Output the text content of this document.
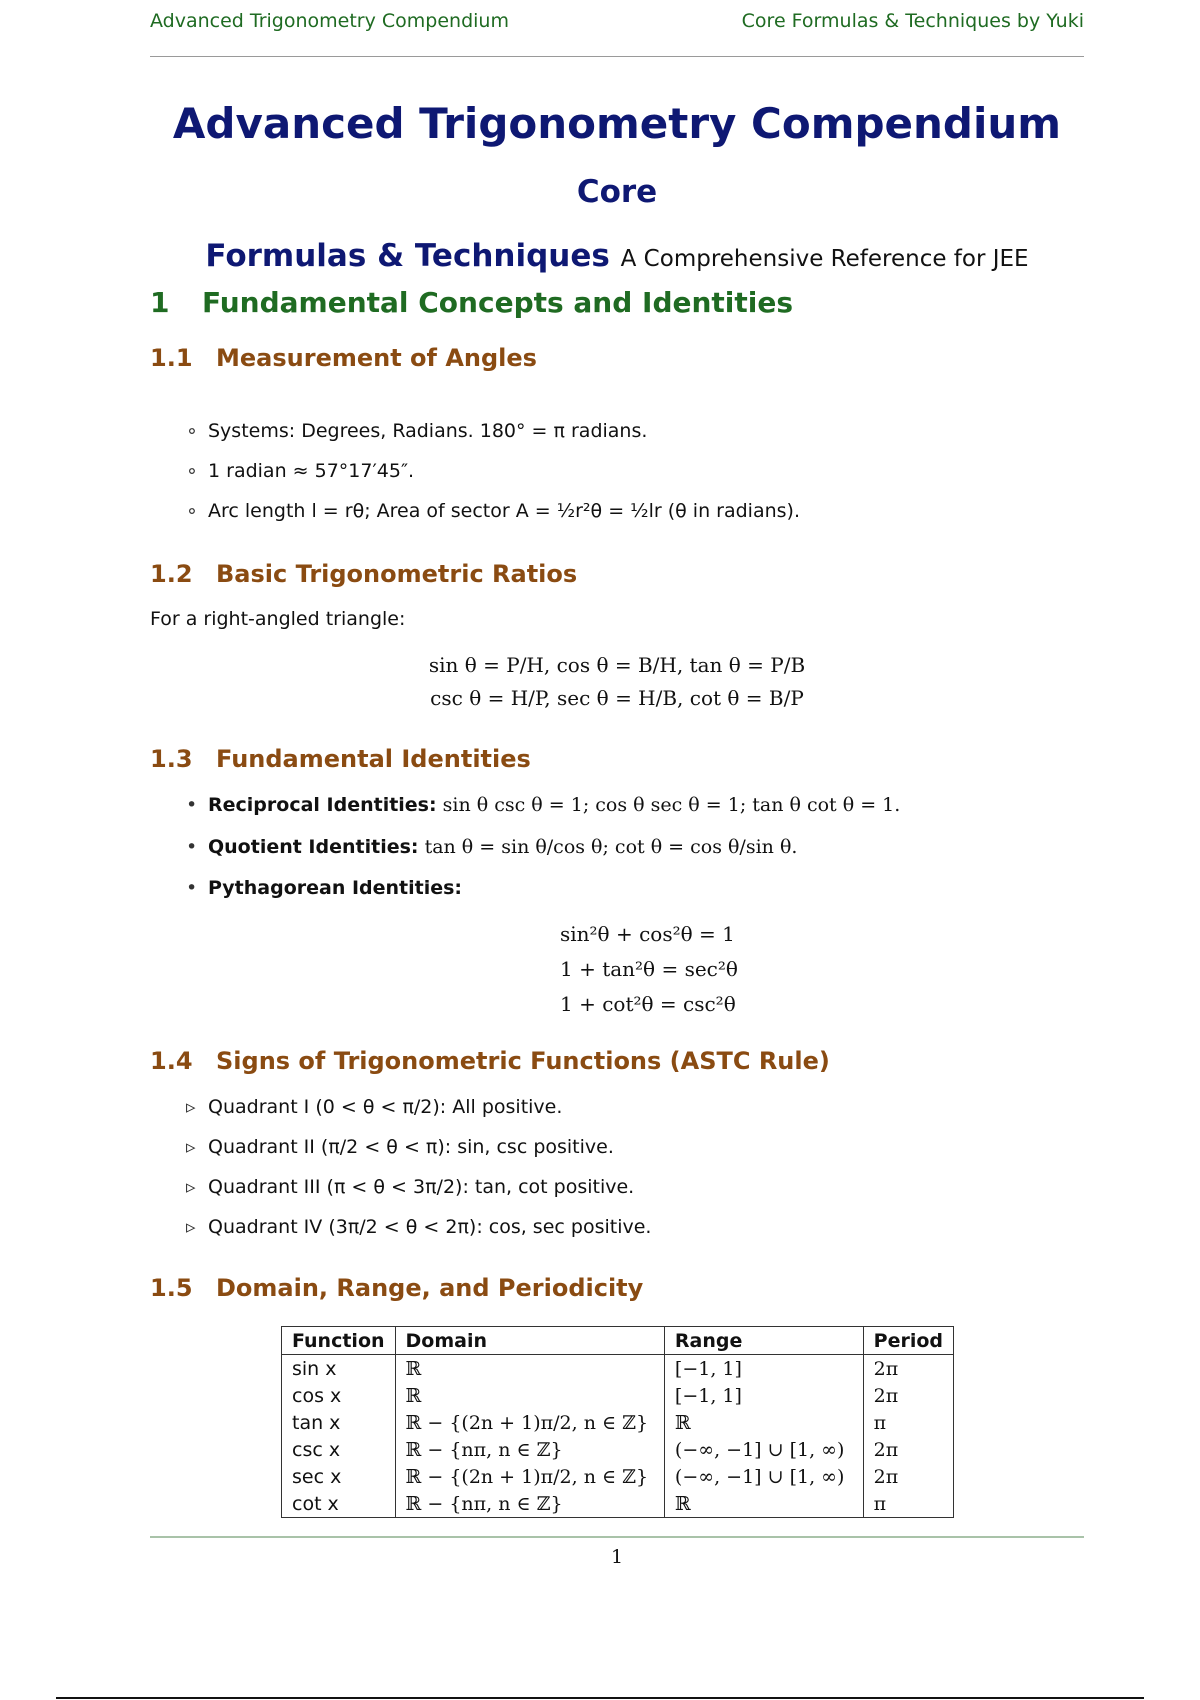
Advanced Trigonometry Compendium	Core Formulas & Techniques by Yuki
Advanced Trigonometry Compendium Core
Formulas & Techniques A Comprehensive Reference for JEE
1 Fundamental Concepts and Identities
1.1 Measurement of Angles
∘ Systems: Degrees, Radians. 180° = π radians.
∘ 1 radian ≈ 57°17′45″.
∘ Arc length l = rθ; Area of sector A = ½r²θ = ½lr (θ in radians).
1.2 Basic Trigonometric Ratios
For a right-angled triangle:
sin θ = P/H, cos θ = B/H, tan θ = P/B
csc θ = H/P, sec θ = H/B, cot θ = B/P
1.3 Fundamental Identities
• Reciprocal Identities: sin θ csc θ = 1; cos θ sec θ = 1; tan θ cot θ = 1.
• Quotient Identities: tan θ = sin θ/cos θ; cot θ = cos θ/sin θ.
• Pythagorean Identities:
sin²θ + cos²θ = 1
1 + tan²θ = sec²θ
1 + cot²θ = csc²θ
1.4 Signs of Trigonometric Functions (ASTC Rule)
▹ Quadrant I (0 < θ < π/2): All positive.
▹ Quadrant II (π/2 < θ < π): sin, csc positive.
▹ Quadrant III (π < θ < 3π/2): tan, cot positive.
▹ Quadrant IV (3π/2 < θ < 2π): cos, sec positive.
1.5 Domain, Range, and Periodicity
Function	Domain	Range	Period
sin x	ℝ	[−1, 1]	2π
cos x	ℝ	[−1, 1]	2π
tan x	ℝ − {(2n + 1)π/2, n ∈ ℤ}	ℝ	π
csc x	ℝ − {nπ, n ∈ ℤ}	(−∞, −1] ∪ [1, ∞)	2π
sec x	ℝ − {(2n + 1)π/2, n ∈ ℤ}	(−∞, −1] ∪ [1, ∞)	2π
cot x	ℝ − {nπ, n ∈ ℤ}	ℝ	π
1
